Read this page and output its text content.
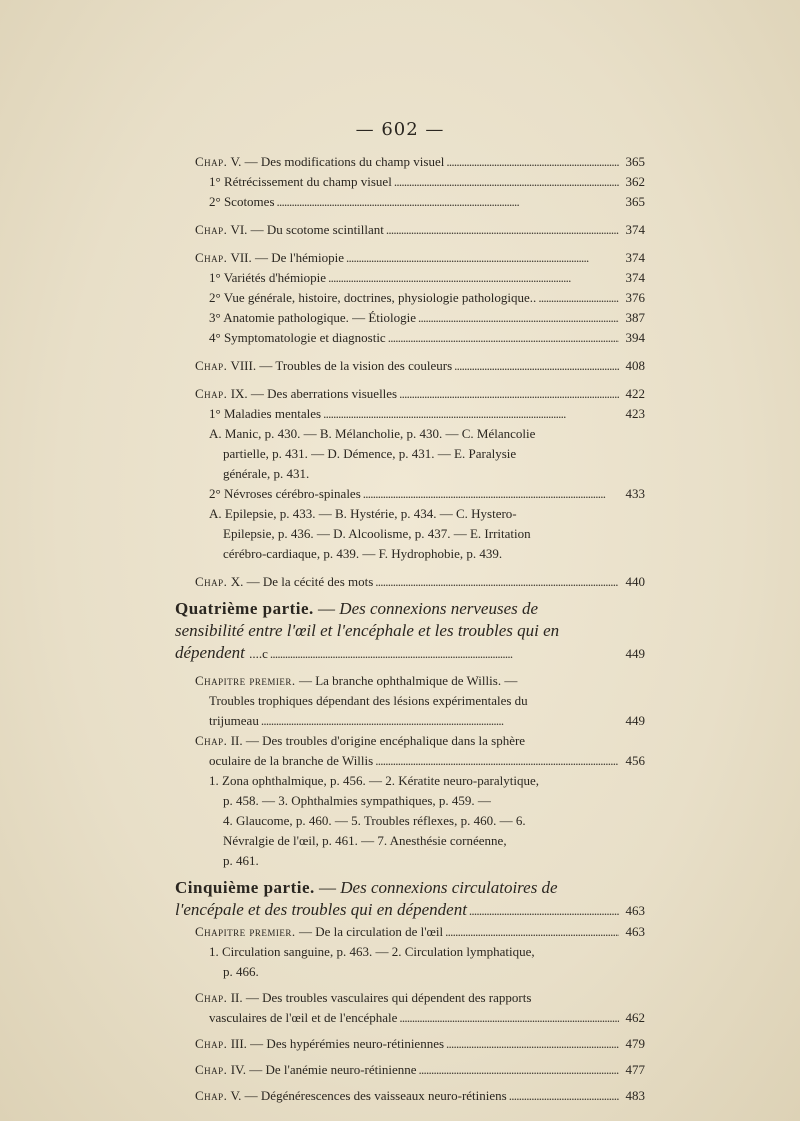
— 602 —
Chap. V. — Des modifications du champ visuel . . .	365
1° Rétrécissement du champ visuel . . .	362
2° Scotomes . . .	365
Chap. VI. — Du scotome scintillant . . .	374
Chap. VII. — De l'hémiopie . . .	374
1° Variétés d'hémiopie . . .	374
2° Vue générale, histoire, doctrines, physiologie pathologique.. . . .	376
3° Anatomie pathologique. — Étiologie . . .	387
4° Symptomatologie et diagnostic . . .	394
Chap. VIII. — Troubles de la vision des couleurs . . .	408
Chap. IX. — Des aberrations visuelles . . .	422
1° Maladies mentales . . .	423
A. Manic, p. 430. — B. Mélancholie, p. 430. — C. Mélancolie
partielle, p. 431. — D. Démence, p. 431. — E. Paralysie
générale, p. 431.
2° Névroses cérébro-spinales . . .	433
A. Epilepsie, p. 433. — B. Hystérie, p. 434. — C. Hystero-
Epilepsie, p. 436. — D. Alcoolisme, p. 437. — E. Irritation
cérébro-cardiaque, p. 439. — F. Hydrophobie, p. 439.
Chap. X. — De la cécité des mots . . .	440
Quatrième partie. — Des connexions nerveuses de
sensibilité entre l'œil et l'encéphale et les troubles qui en
dépendent
....c . . .	449
Chapitre premier. — La branche ophthalmique de Willis. —
Troubles trophiques dépendant des lésions expérimentales du
trijumeau . . .	449
Chap. II. — Des troubles d'origine encéphalique dans la sphère
oculaire de la branche de Willis . . .	456
1. Zona ophthalmique, p. 456. — 2. Kératite neuro-paralytique,
p. 458. — 3. Ophthalmies sympathiques, p. 459. —
4. Glaucome, p. 460. — 5. Troubles réflexes, p. 460. — 6.
Névralgie de l'œil, p. 461. — 7. Anesthésie cornéenne,
p. 461.
Cinquième partie. — Des connexions circulatoires de
l'encépale et des troubles qui en dépendent . . .	463
Chapitre premier. — De la circulation de l'œil . . .	463
1. Circulation sanguine, p. 463. — 2. Circulation lymphatique,
p. 466.
Chap. II. — Des troubles vasculaires qui dépendent des rapports
vasculaires de l'œil et de l'encéphale . . .	462
Chap. III. — Des hypérémies neuro-rétiniennes . . .	479
Chap. IV. — De l'anémie neuro-rétinienne . . .	477
Chap. V. — Dégénérescences des vaisseaux neuro-rétiniens . . .	483
